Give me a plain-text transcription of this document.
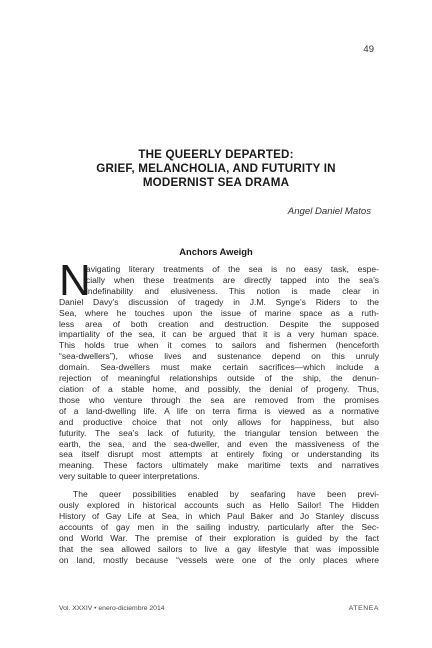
49
THE QUEERLY DEPARTED:
GRIEF, MELANCHOLIA, AND FUTURITY IN
MODERNIST SEA DRAMA
Angel Daniel Matos
Anchors Aweigh
N
avigating literary treatments of the sea is no easy task, espe-
cially when these treatments are directly tapped into the sea’s
indefinability and elusiveness. This notion is made clear in
Daniel Davy’s discussion of tragedy in J.M. Synge’s Riders to the
Sea, where he touches upon the issue of marine space as a ruth-
less area of both creation and destruction. Despite the supposed
impartiality of the sea, it can be argued that it is a very human space.
This holds true when it comes to sailors and fishermen (henceforth
“sea-dwellers”), whose lives and sustenance depend on this unruly
domain. Sea-dwellers must make certain sacrifices—which include a
rejection of meaningful relationships outside of the ship, the denun-
ciation of a stable home, and possibly, the denial of progeny. Thus,
those who venture through the sea are removed from the promises
of a land-dwelling life. A life on terra firma is viewed as a normative
and productive choice that not only allows for happiness, but also
futurity. The sea’s lack of futurity, the triangular tension between the
earth, the sea, and the sea-dweller, and even the massiveness of the
sea itself disrupt most attempts at entirely fixing or understanding its
meaning. These factors ultimately make maritime texts and narratives
very suitable to queer interpretations.
The queer possibilities enabled by seafaring have been previ-
ously explored in historical accounts such as Hello Sailor! The Hidden
History of Gay Life at Sea, in which Paul Baker and Jo Stanley discuss
accounts of gay men in the sailing industry, particularly after the Sec-
ond World War. The premise of their exploration is guided by the fact
that the sea allowed sailors to live a gay lifestyle that was impossible
on land, mostly because “vessels were one of the only places where
Vol. XXXIV • enero-diciembre 2014	ATENEA
